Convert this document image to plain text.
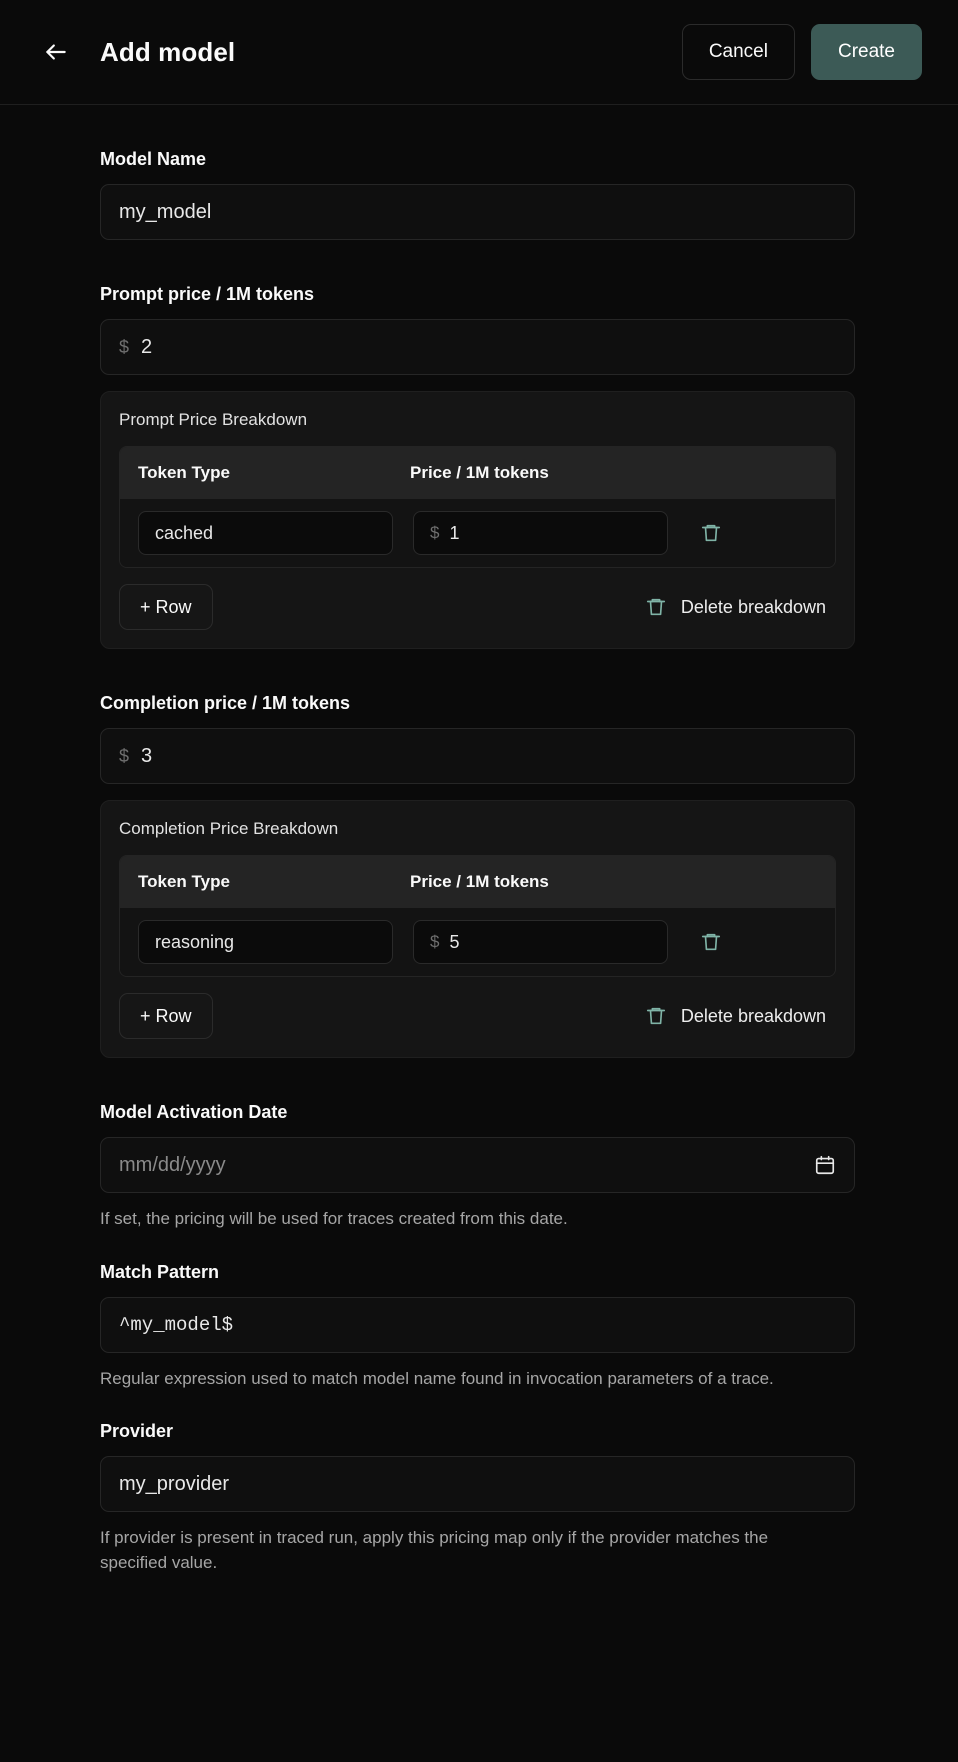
Add model	Cancel	Create
Model Name
my_model
Prompt price / 1M tokens
$ 2
Prompt Price Breakdown
Token Type	Price / 1M tokens
cached	$ 1
+ Row	Delete breakdown
Completion price / 1M tokens
$ 3
Completion Price Breakdown
Token Type	Price / 1M tokens
reasoning	$ 5
+ Row	Delete breakdown
Model Activation Date
mm/dd/yyyy
If set, the pricing will be used for traces created from this date.
Match Pattern
^my_model$
Regular expression used to match model name found in invocation parameters of a trace.
Provider
my_provider
If provider is present in traced run, apply this pricing map only if the provider matches the specified value.
